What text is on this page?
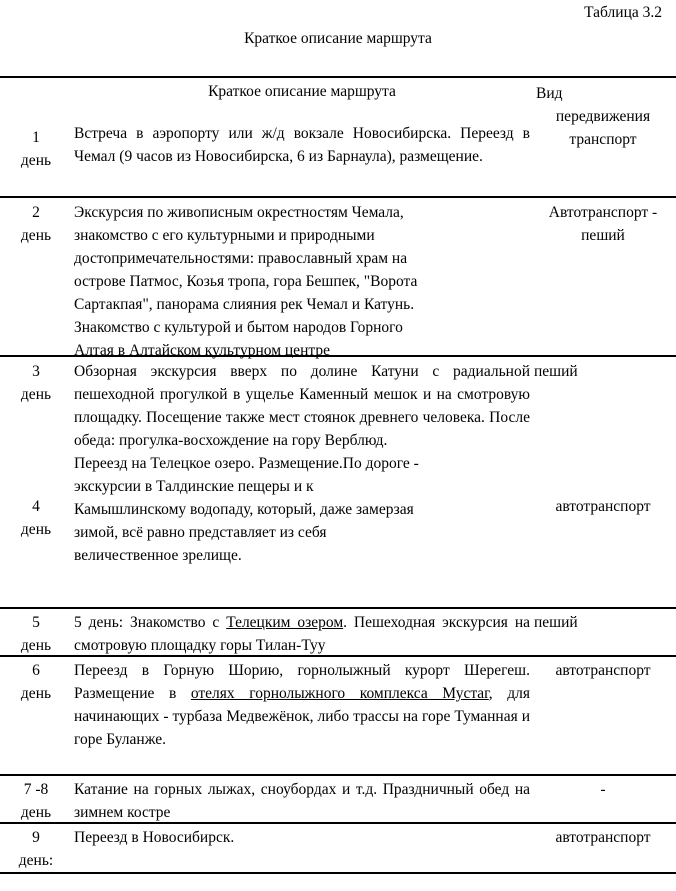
Таблица 3.2
Краткое описание маршрута
1
день
Краткое описание маршрута
Встреча в аэропорту или ж/д вокзале Новосибирска. Переезд в Чемал (9 часов из Новосибирска, 6 из Барнаула), размещение.
Вид
передвижения
транспорт
2
день
Экскурсия по живописным окрестностям Чемала,
знакомство с его культурными и природными
достопримечательностями: православный храм на
острове Патмос, Козья тропа, гора Бешпек, "Ворота
Сартакпая", панорама слияния рек Чемал и Катунь.
Знакомство с культурой и бытом народов Горного
Алтая в Алтайском культурном центре
Автотранспорт - пеший
3
день
4
день
Обзорная экскурсия вверх по долине Катуни с радиальной пешеходной прогулкой в ущелье Каменный мешок и на смотровую площадку. Посещение также мест стоянок древнего человека. После обеда: прогулка-восхождение на гору Верблюд.
Переезд на Телецкое озеро. Размещение.По дороге -
экскурсии в Талдинские пещеры и к
Камышлинскому водопаду, который, даже замерзая
зимой, всё равно представляет из себя
величественное зрелище.
пеший
автотранспорт
5
день
5 день: Знакомство с Телецким озером. Пешеходная экскурсия на смотровую площадку горы Тилан-Туу
пеший
6
день
Переезд в Горную Шорию, горнолыжный курорт Шерегеш. Размещение в отелях горнолыжного комплекса Мустаг, для начинающих - турбаза Медвежёнок, либо трассы на горе Туманная и горе Буланже.
автотранспорт
7 -8
день
Катание на горных лыжах, сноубордах и т.д. Праздничный обед на зимнем костре
-
9
день:
Переезд в Новосибирск.	автотранспорт
